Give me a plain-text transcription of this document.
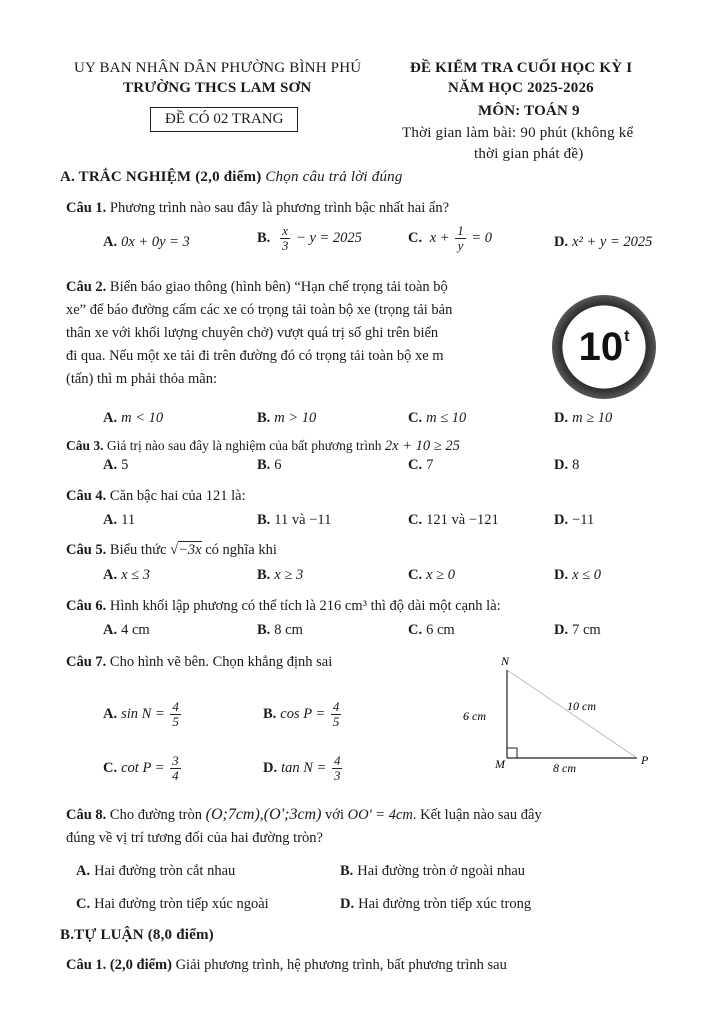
UY BAN NHÂN DÂN PHƯỜNG BÌNH PHÚ
TRƯỜNG THCS LAM SƠN
ĐỀ CÓ 02 TRANG
ĐỀ KIỂM TRA CUỐI HỌC KỲ I
NĂM HỌC 2025-2026
MÔN: TOÁN 9
Thời gian làm bài: 90 phút (không kể
thời gian phát đề)
A. TRẮC NGHIỆM (2,0 điểm) Chọn câu trả lời đúng
Câu 1. Phương trình nào sau đây là phương trình bậc nhất hai ẩn?
A. 0x + 0y = 3	B. $\frac{x}{3} - y = 2025$	C. $x + \frac{1}{y} = 0$	D. x² + y = 2025
Câu 2. Biển báo giao thông (hình bên) “Hạn chế trọng tải toàn bộ
xe” để báo đường cấm các xe có trọng tải toàn bộ xe (trọng tải bản
thân xe với khối lượng chuyên chở) vượt quá trị số ghi trên biển
đi qua. Nếu một xe tải đi trên đường đó có trọng tải toàn bộ xe m
(tấn) thì m phải thỏa mãn:
10$^t$
A. m < 10	B. m > 10	C. m ≤ 10	D. m ≥ 10
Câu 3. Giá trị nào sau đây là nghiệm của bất phương trình 2x + 10 ≥ 25
A. 5	B. 6	C. 7	D. 8
Câu 4. Căn bậc hai của 121 là:
A. 11	B. 11 và −11	C. 121 và −121	D. −11
Câu 5. Biểu thức √−3x có nghĩa khi
A. x ≤ 3	B. x ≥ 3	C. x ≥ 0	D. x ≤ 0
Câu 6. Hình khối lập phương có thể tích là 216 cm³ thì độ dài một cạnh là:
A. 4 cm	B. 8 cm	C. 6 cm	D. 7 cm
Câu 7. Cho hình vẽ bên. Chọn khẳng định sai
A. $\sin N = \frac{4}{5}$	B. $\cos P = \frac{4}{5}$
C. $\cot P = \frac{3}{4}$	D. $\tan N = \frac{4}{3}$
N
M	P
6 cm
10 cm
8 cm
Câu 8. Cho đường tròn (O;7cm),(O';3cm) với OO' = 4cm. Kết luận nào sau đây
đúng về vị trí tương đối của hai đường tròn?
A. Hai đường tròn cắt nhau	B. Hai đường tròn ở ngoài nhau
C. Hai đường tròn tiếp xúc ngoài	D. Hai đường tròn tiếp xúc trong
B.TỰ LUẬN (8,0 điểm)
Câu 1. (2,0 điểm) Giải phương trình, hệ phương trình, bất phương trình sau
